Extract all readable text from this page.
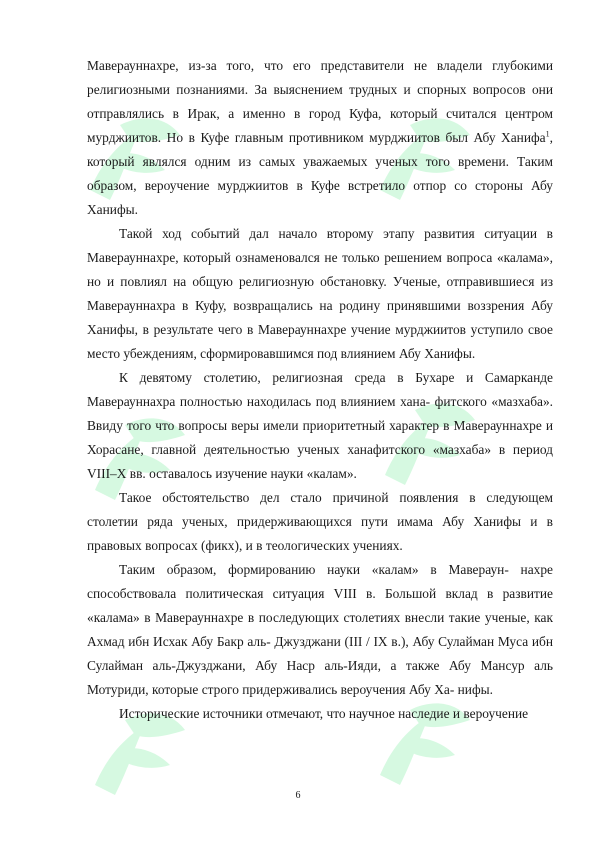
Маверауннахре, из-за того, что его представители не владели глубокими религиозными познаниями. За выяснением трудных и спорных вопросов они отправлялись в Ирак, а именно в город Куфа, который считался центром мурджиитов. Но в Куфе главным противником мурджиитов был Абу Ханифа$^1$, который являлся одним из самых уважаемых ученых того времени. Таким образом, вероучение мурджиитов в Куфе встретило отпор со стороны Абу Ханифы.

Такой ход событий дал начало второму этапу развития ситуации в Маверауннахре, который ознаменовался не только решением вопроса «калама», но и повлиял на общую религиозную обстановку. Ученые, отправившиеся из Маверауннахра в Куфу, возвращались на родину принявшими воззрения Абу Ханифы, в результате чего в Маверауннахре учение мурджиитов уступило свое место убеждениям, сформировавшимся под влиянием Абу Ханифы.

К девятому столетию, религиозная среда в Бухаре и Самарканде Маверауннахра полностью находилась под влиянием хана- фитского «мазхаба». Ввиду того что вопросы веры имели приоритетный характер в Маверауннахре и Хорасане, главной деятельностью ученых ханафитского «мазхаба» в период VIII–Х вв. оставалось изучение науки «калам».

Такое обстоятельство дел стало причиной появления в следующем столетии ряда ученых, придерживающихся пути имама Абу Ханифы и в правовых вопросах (фикх), и в теологических учениях.

Таким образом, формированию науки «калам» в Мавераун- нахре способствовала политическая ситуация VIII в. Большой вклад в развитие «калама» в Маверауннахре в последующих столетиях внесли такие ученые, как Ахмад ибн Исхак Абу Бакр аль- Джузджани (III / IX в.), Абу Сулайман Муса ибн Сулайман аль-Джузджани, Абу Наср аль-Ияди, а также Абу Мансур аль Мотуриди, которые строго придерживались вероучения Абу Ха- нифы.

Исторические источники отмечают, что научное наследие и вероучение

6
